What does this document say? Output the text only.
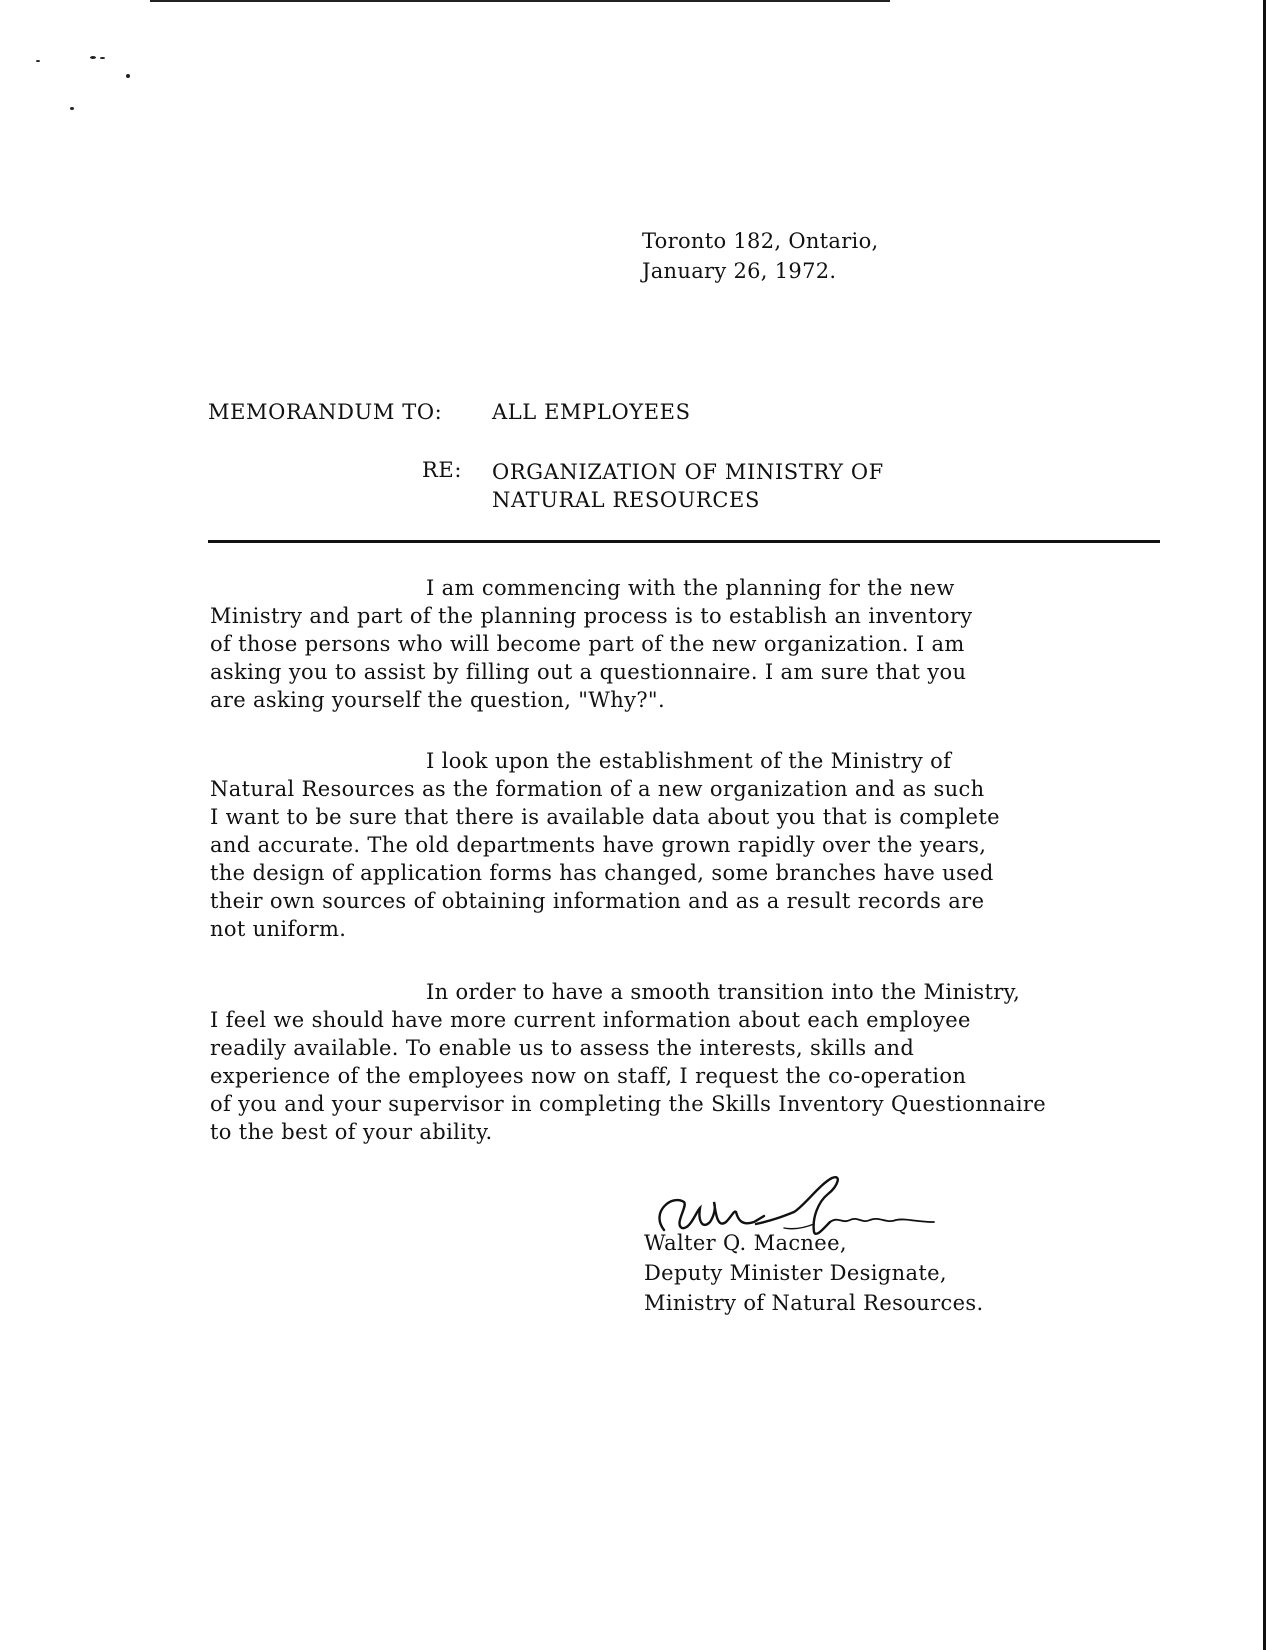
Toronto 182, Ontario,
January 26, 1972.
MEMORANDUM TO: ALL EMPLOYEES
RE: ORGANIZATION OF MINISTRY OF
NATURAL RESOURCES
I am commencing with the planning for the new
Ministry and part of the planning process is to establish an inventory
of those persons who will become part of the new organization. I am
asking you to assist by filling out a questionnaire. I am sure that you
are asking yourself the question, "Why?".
I look upon the establishment of the Ministry of
Natural Resources as the formation of a new organization and as such
I want to be sure that there is available data about you that is complete
and accurate. The old departments have grown rapidly over the years,
the design of application forms has changed, some branches have used
their own sources of obtaining information and as a result records are
not uniform.
In order to have a smooth transition into the Ministry,
I feel we should have more current information about each employee
readily available. To enable us to assess the interests, skills and
experience of the employees now on staff, I request the co-operation
of you and your supervisor in completing the Skills Inventory Questionnaire
to the best of your ability.
Walter Q. Macnee,
Deputy Minister Designate,
Ministry of Natural Resources.
